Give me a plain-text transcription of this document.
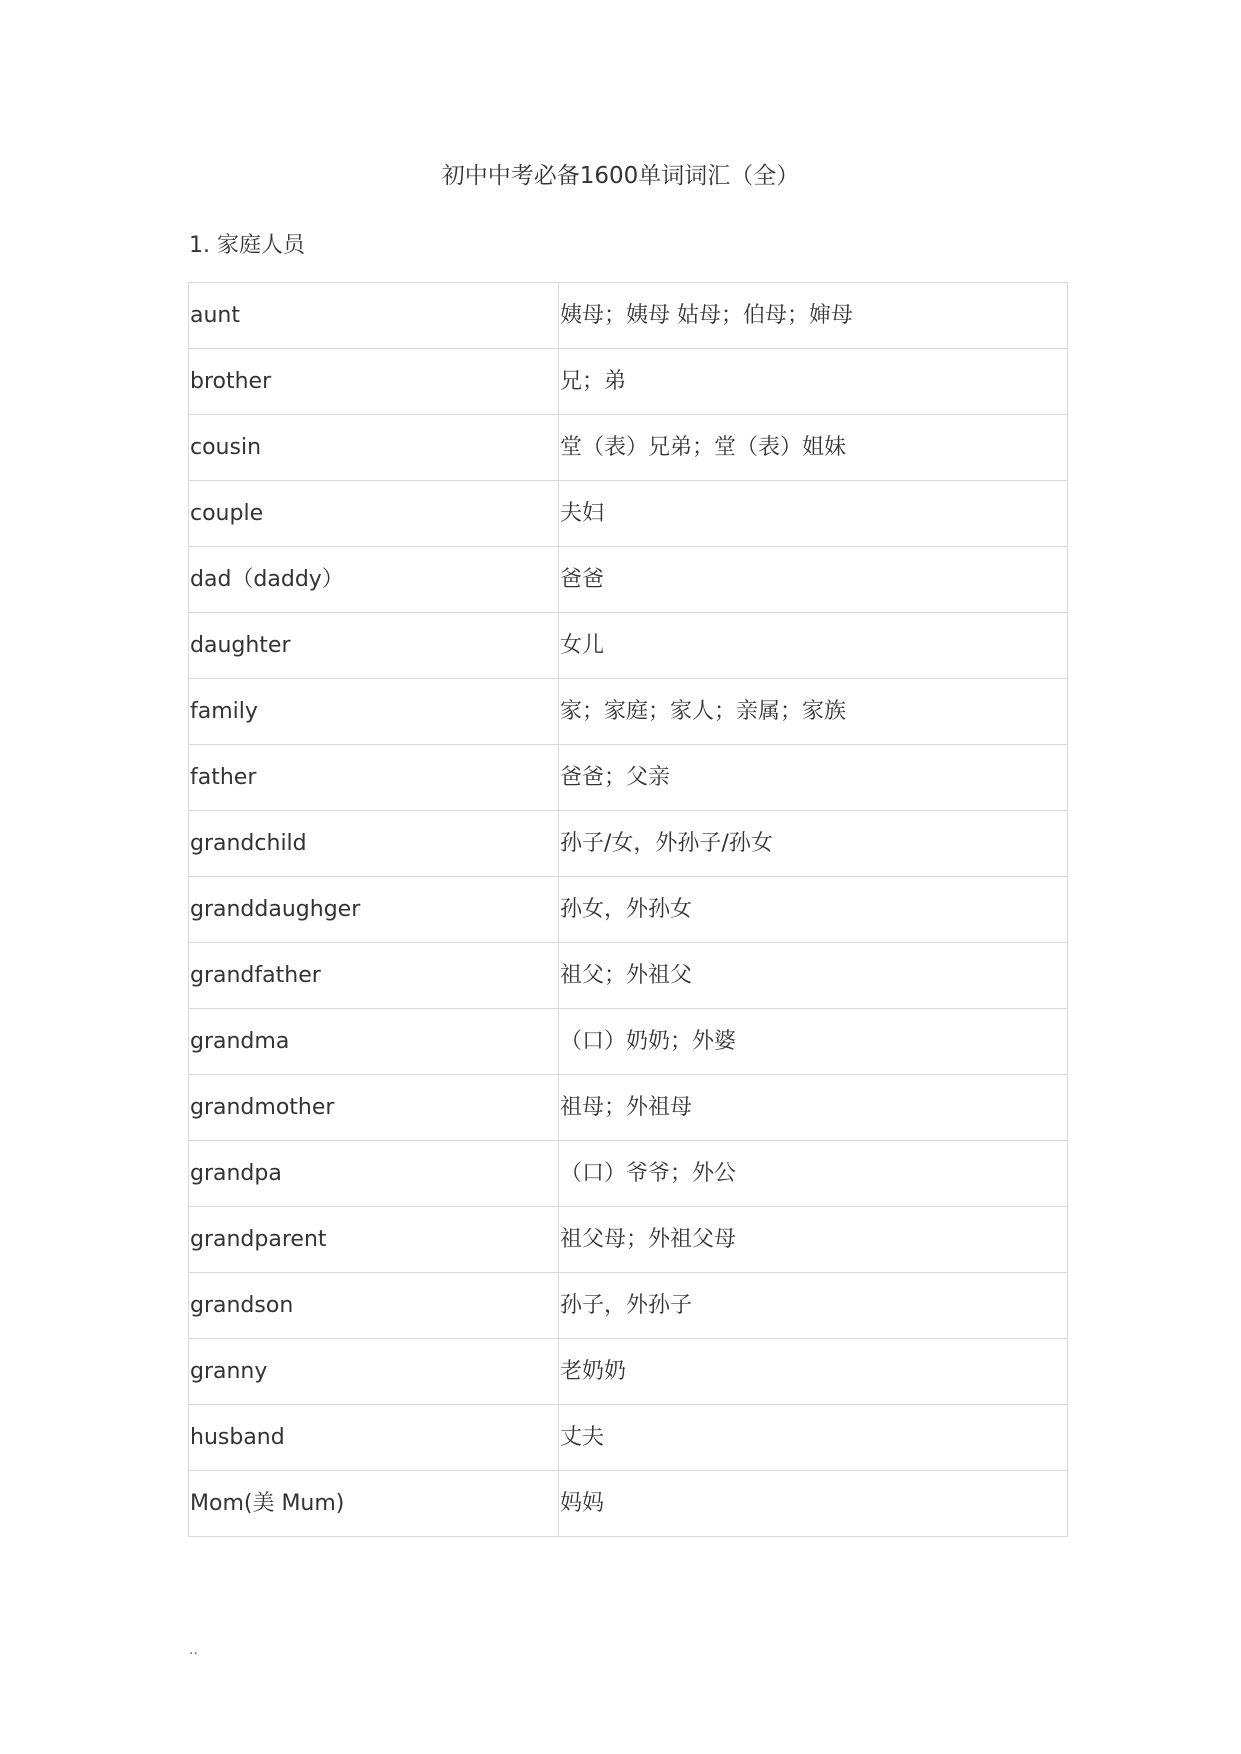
初中中考必备1600单词词汇（全）
1. 家庭人员
aunt	姨母；姨母 姑母；伯母；婶母
brother	兄；弟
cousin	堂（表）兄弟；堂（表）姐妹
couple	夫妇
dad（daddy）	爸爸
daughter	女儿
family	家；家庭；家人；亲属；家族
father	爸爸；父亲
grandchild	孙子/女，外孙子/孙女
granddaughger	孙女，外孙女
grandfather	祖父；外祖父
grandma	（口）奶奶；外婆
grandmother	祖母；外祖母
grandpa	（口）爷爷；外公
grandparent	祖父母；外祖父母
grandson	孙子，外孙子
granny	老奶奶
husband	丈夫
Mom(美 Mum)	妈妈
..
